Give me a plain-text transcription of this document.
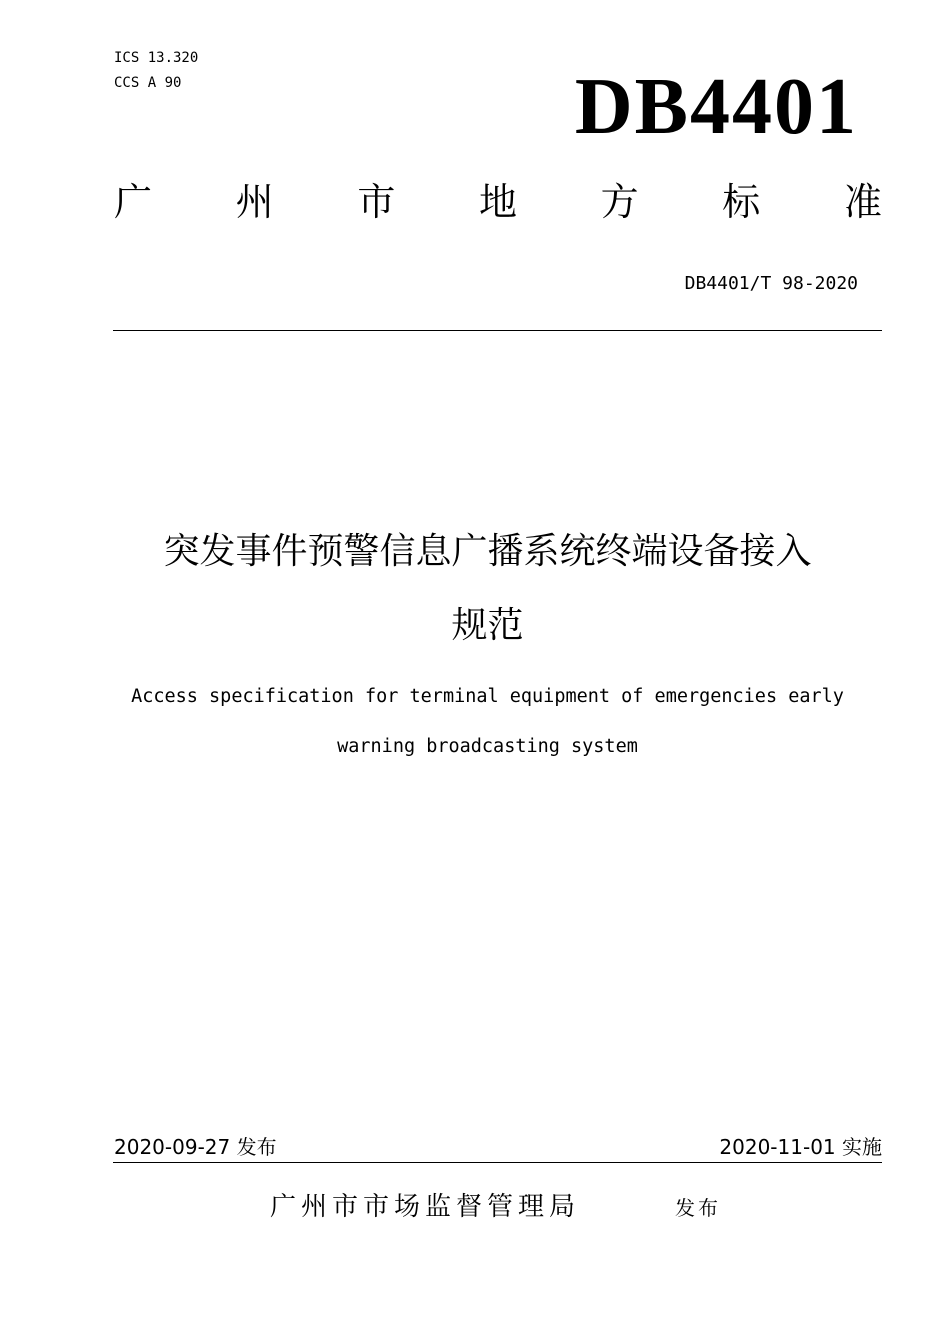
ICS 13.320
CCS A 90	DB4401
广 州 市 地 方 标 准
DB4401/T 98-2020
突发事件预警信息广播系统终端设备接入
规范
Access specification for terminal equipment of emergencies early
warning broadcasting system
2020-09-27 发布	2020-11-01 实施
广州市市场监督管理局	发布
